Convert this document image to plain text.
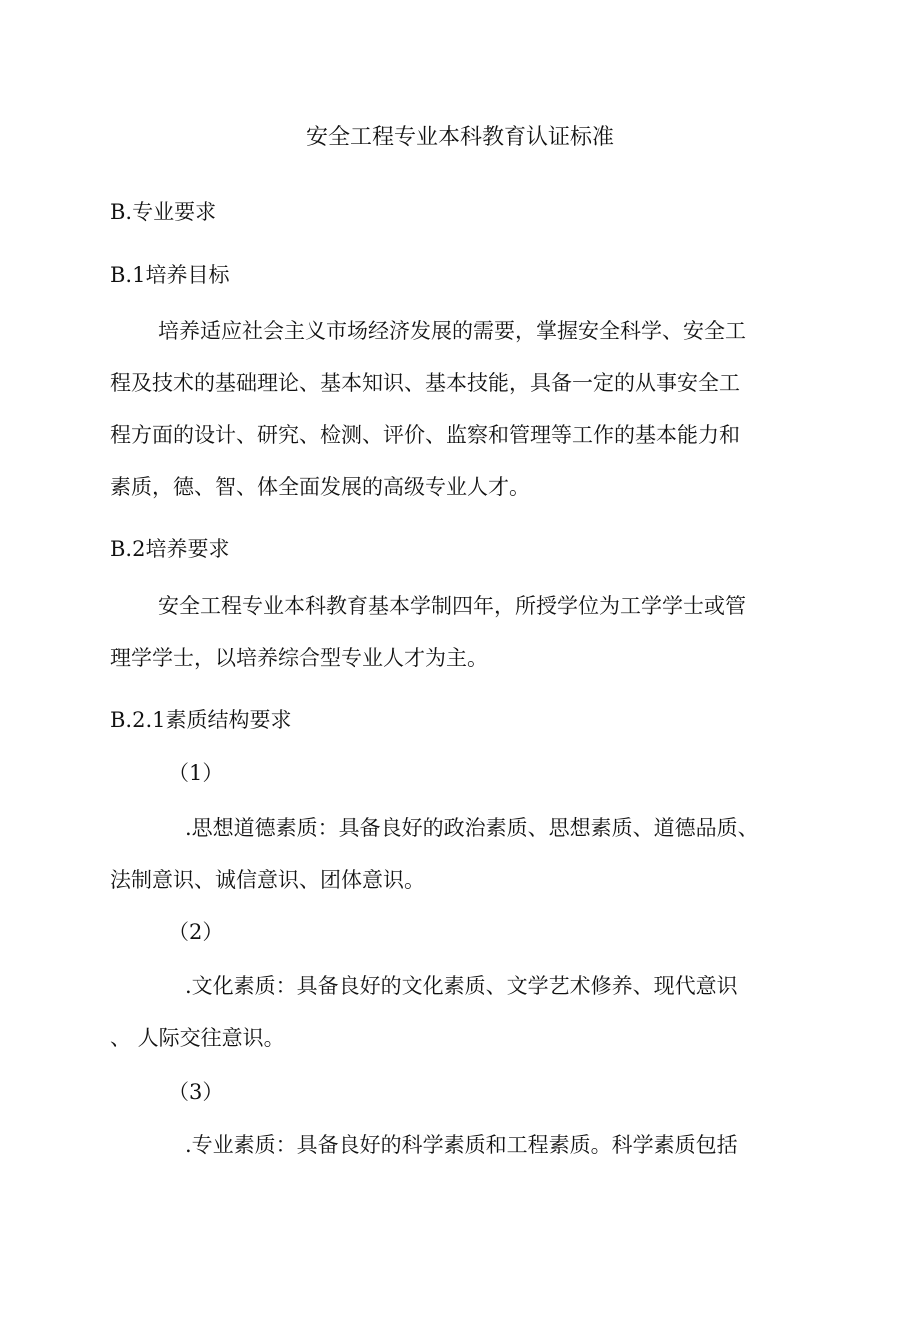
安全工程专业本科教育认证标准

B.专业要求

B.1培养目标

培养适应社会主义市场经济发展的需要，掌握安全科学、安全工

程及技术的基础理论、基本知识、基本技能，具备一定的从事安全工

程方面的设计、研究、检测、评价、监察和管理等工作的基本能力和

素质，德、智、体全面发展的高级专业人才。

B.2培养要求

安全工程专业本科教育基本学制四年，所授学位为工学学士或管

理学学士，以培养综合型专业人才为主。

B.2.1素质结构要求

（1）

.思想道德素质：具备良好的政治素质、思想素质、道德品质、

法制意识、诚信意识、团体意识。

（2）

.文化素质：具备良好的文化素质、文学艺术修养、现代意识

、 人际交往意识。

（3）

.专业素质：具备良好的科学素质和工程素质。科学素质包括
